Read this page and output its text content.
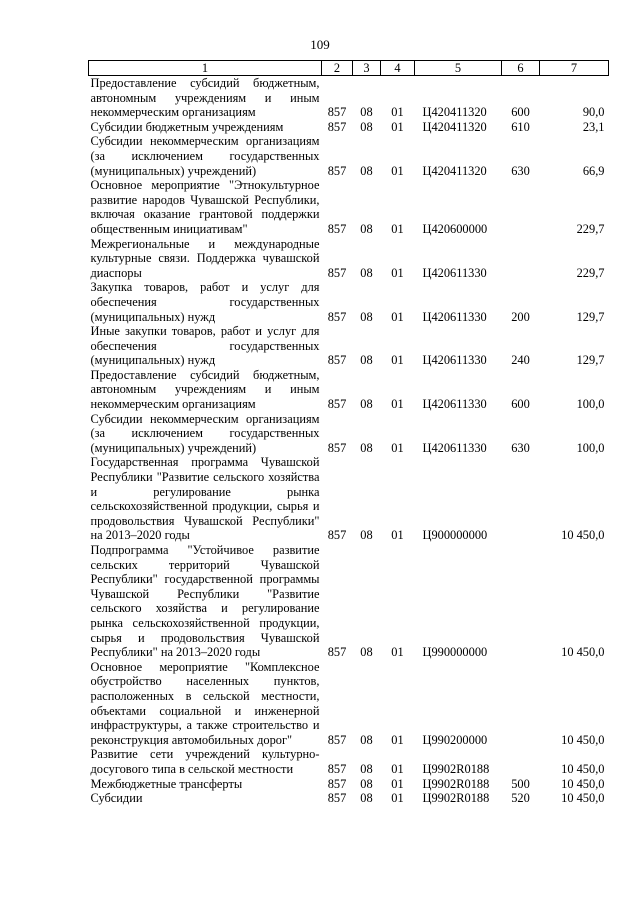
109
1	2	3	4	5	6	7
Предоставление субсидий бюджетным, автономным учреждениям и иным некоммерческим организациям	857	08	01	Ц420411320	600	90,0
Субсидии бюджетным учреждениям	857	08	01	Ц420411320	610	23,1
Субсидии некоммерческим организациям (за исключением государственных (муниципальных) учреждений)	857	08	01	Ц420411320	630	66,9
Основное мероприятие "Этнокультурное развитие народов Чувашской Республики, включая оказание грантовой поддержки общественным инициативам"	857	08	01	Ц420600000		229,7
Межрегиональные и международные культурные связи. Поддержка чувашской диаспоры	857	08	01	Ц420611330		229,7
Закупка товаров, работ и услуг для обеспечения государственных (муниципальных) нужд	857	08	01	Ц420611330	200	129,7
Иные закупки товаров, работ и услуг для обеспечения государственных (муниципальных) нужд	857	08	01	Ц420611330	240	129,7
Предоставление субсидий бюджетным, автономным учреждениям и иным некоммерческим организациям	857	08	01	Ц420611330	600	100,0
Субсидии некоммерческим организациям (за исключением государственных (муниципальных) учреждений)	857	08	01	Ц420611330	630	100,0
Государственная программа Чувашской Республики "Развитие сельского хозяйства и регулирование рынка сельскохозяйственной продукции, сырья и продовольствия Чувашской Республики" на 2013–2020 годы	857	08	01	Ц900000000		10 450,0
Подпрограмма "Устойчивое развитие сельских территорий Чувашской Республики" государственной программы Чувашской Республики "Развитие сельского хозяйства и регулирование рынка сельскохозяйственной продукции, сырья и продовольствия Чувашской Республики" на 2013–2020 годы	857	08	01	Ц990000000		10 450,0
Основное мероприятие "Комплексное обустройство населенных пунктов, расположенных в сельской местности, объектами социальной и инженерной инфраструктуры, а также строительство и реконструкция автомобильных дорог"	857	08	01	Ц990200000		10 450,0
Развитие сети учреждений культурно-досугового типа в сельской местности	857	08	01	Ц9902R0188		10 450,0
Межбюджетные трансферты	857	08	01	Ц9902R0188	500	10 450,0
Субсидии	857	08	01	Ц9902R0188	520	10 450,0
